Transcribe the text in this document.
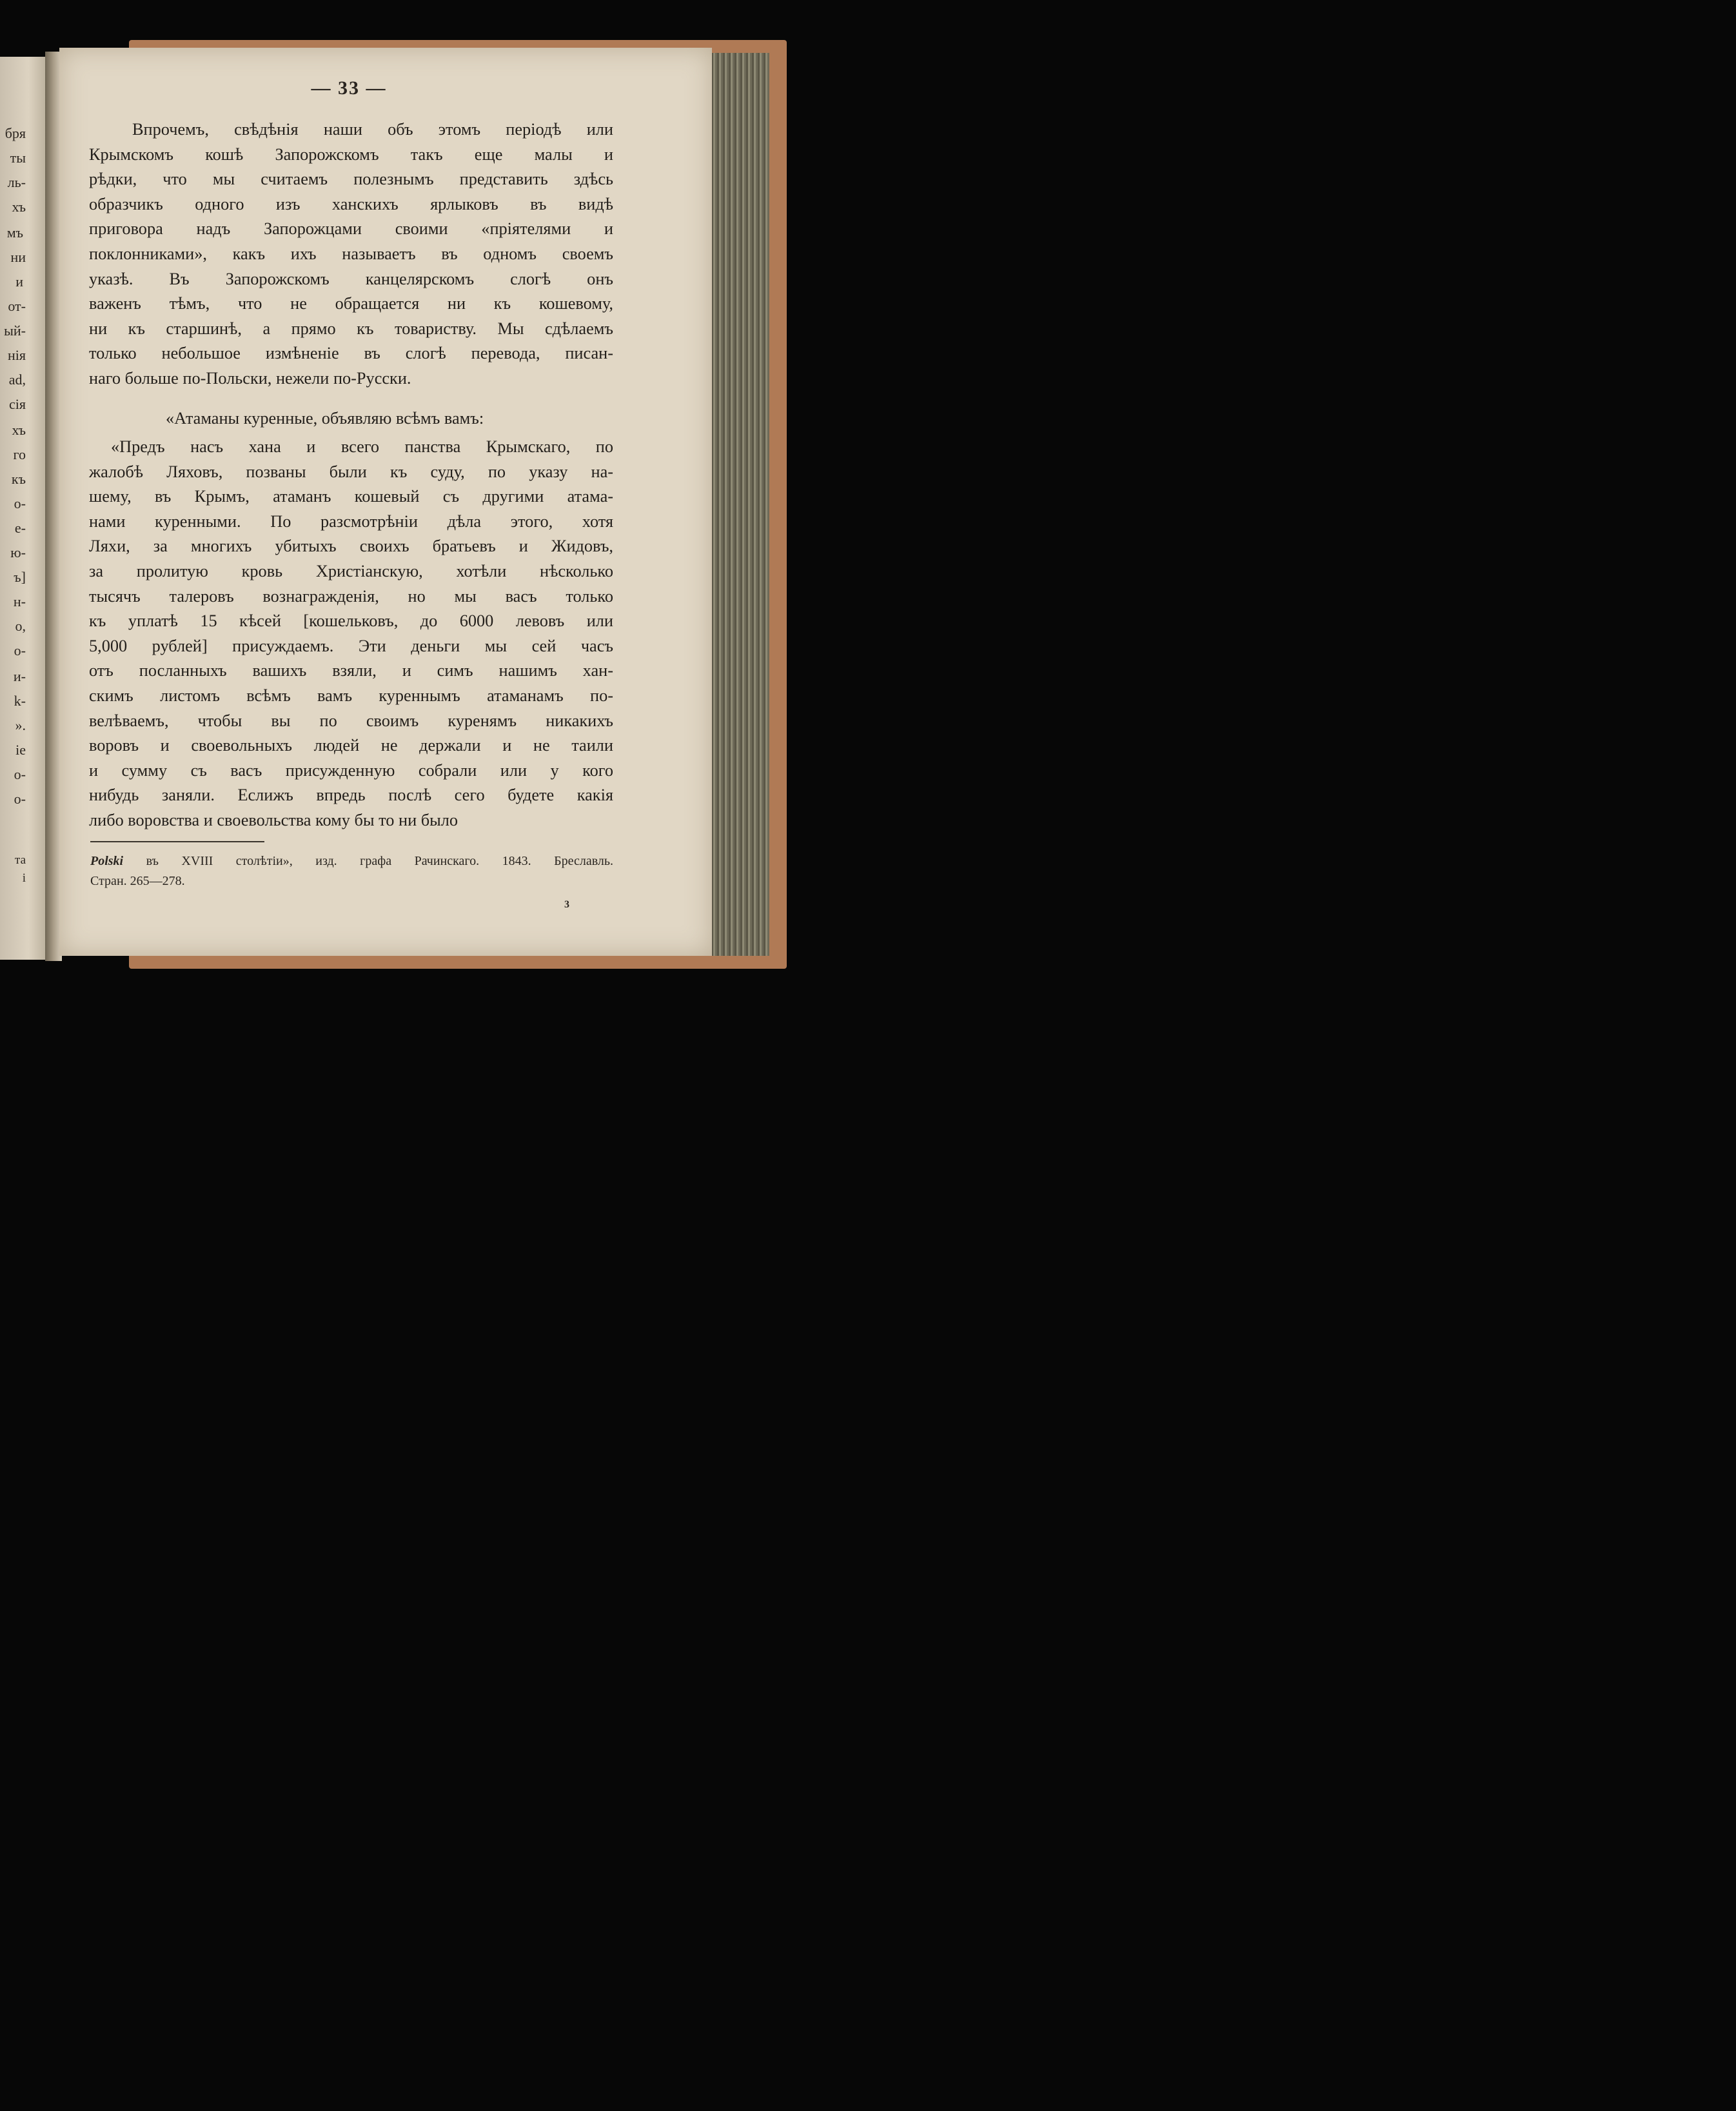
бря
ты
ль-
хъ
мъ
ни
и
от-
ый-
нія
ad,
сія
хъ
го
къ
о-
е-
ю-
ъ]
н-
о,
о-
и-
k-
».
іе
о-
о-
та
і
— 33 —
Впрочемъ, свѣдѣнія наши объ этомъ періодѣ или
Крымскомъ кошѣ Запорожскомъ такъ еще малы и
рѣдки, что мы считаемъ полезнымъ представить здѣсь
образчикъ одного изъ ханскихъ ярлыковъ въ видѣ
приговора надъ Запорожцами своими «пріятелями и
поклонниками», какъ ихъ называетъ въ одномъ своемъ
указѣ. Въ Запорожскомъ канцелярскомъ слогѣ онъ
важенъ тѣмъ, что не обращается ни къ кошевому,
ни къ старшинѣ, а прямо къ товариству. Мы сдѣлаемъ
только небольшое измѣненіе въ слогѣ перевода, писан-
наго больше по-Польски, нежели по-Русски.
«Атаманы куренные, объявляю всѣмъ вамъ:
«Предъ насъ хана и всего панства Крымскаго, по
жалобѣ Ляховъ, позваны были къ суду, по указу на-
шему, въ Крымъ, атаманъ кошевый съ другими атама-
нами куренными. По разсмотрѣніи дѣла этого, хотя
Ляхи, за многихъ убитыхъ своихъ братьевъ и Жидовъ,
за пролитую кровь Христіанскую, хотѣли нѣсколько
тысячъ талеровъ вознагражденія, но мы васъ только
къ уплатѣ 15 кѣсей [кошельковъ, до 6000 левовъ или
5,000 рублей] присуждаемъ. Эти деньги мы сей часъ
отъ посланныхъ вашихъ взяли, и симъ нашимъ хан-
скимъ листомъ всѣмъ вамъ куреннымъ атаманамъ по-
велѣваемъ, чтобы вы по своимъ куренямъ никакихъ
воровъ и своевольныхъ людей не держали и не таили
и сумму съ васъ присужденную собрали или у кого
нибудь заняли. Еслижъ впредь послѣ сего будете какія
либо воровства и своевольства кому бы то ни было
Polski въ XVIII столѣтіи», изд. графа Рачинскаго. 1843. Бреславль.
Стран. 265—278.
3
